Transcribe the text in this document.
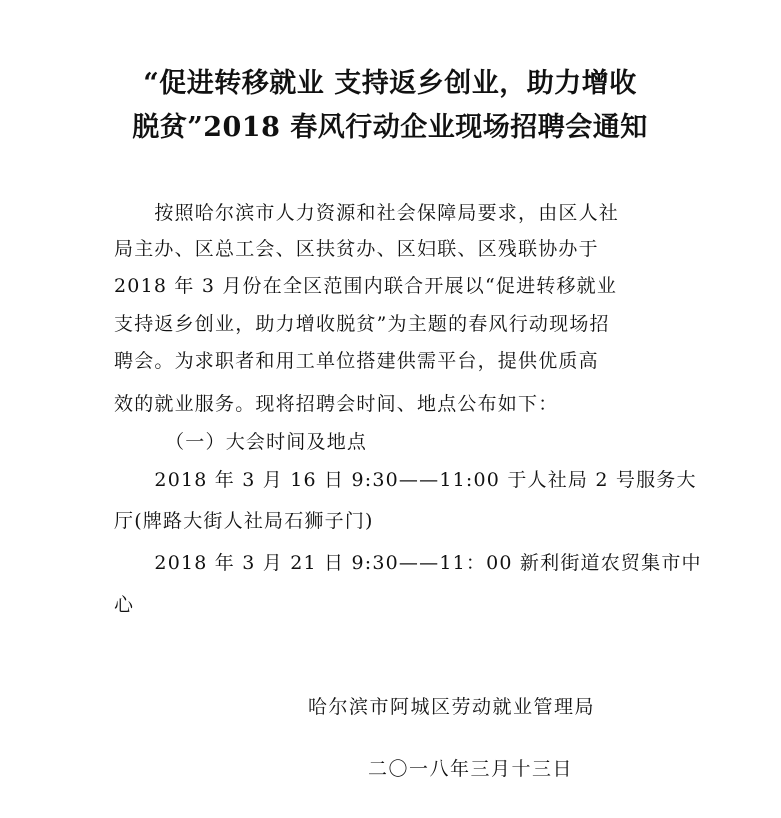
“促进转移就业 支持返乡创业，助力增收
脱贫”2018 春风行动企业现场招聘会通知
　　按照哈尔滨市人力资源和社会保障局要求，由区人社
局主办、区总工会、区扶贫办、区妇联、区残联协办于
2018 年 3 月份在全区范围内联合开展以“促进转移就业
支持返乡创业，助力增收脱贫”为主题的春风行动现场招
聘会。为求职者和用工单位搭建供需平台，提供优质高
效的就业服务。现将招聘会时间、地点公布如下：
　　　（一）大会时间及地点
　　2018 年 3 月 16 日 9:30——11:00 于人社局 2 号服务大
厅(牌路大街人社局石狮子门)
　　2018 年 3 月 21 日 9:30——11：00 新利街道农贸集市中
心
哈尔滨市阿城区劳动就业管理局
二〇一八年三月十三日
